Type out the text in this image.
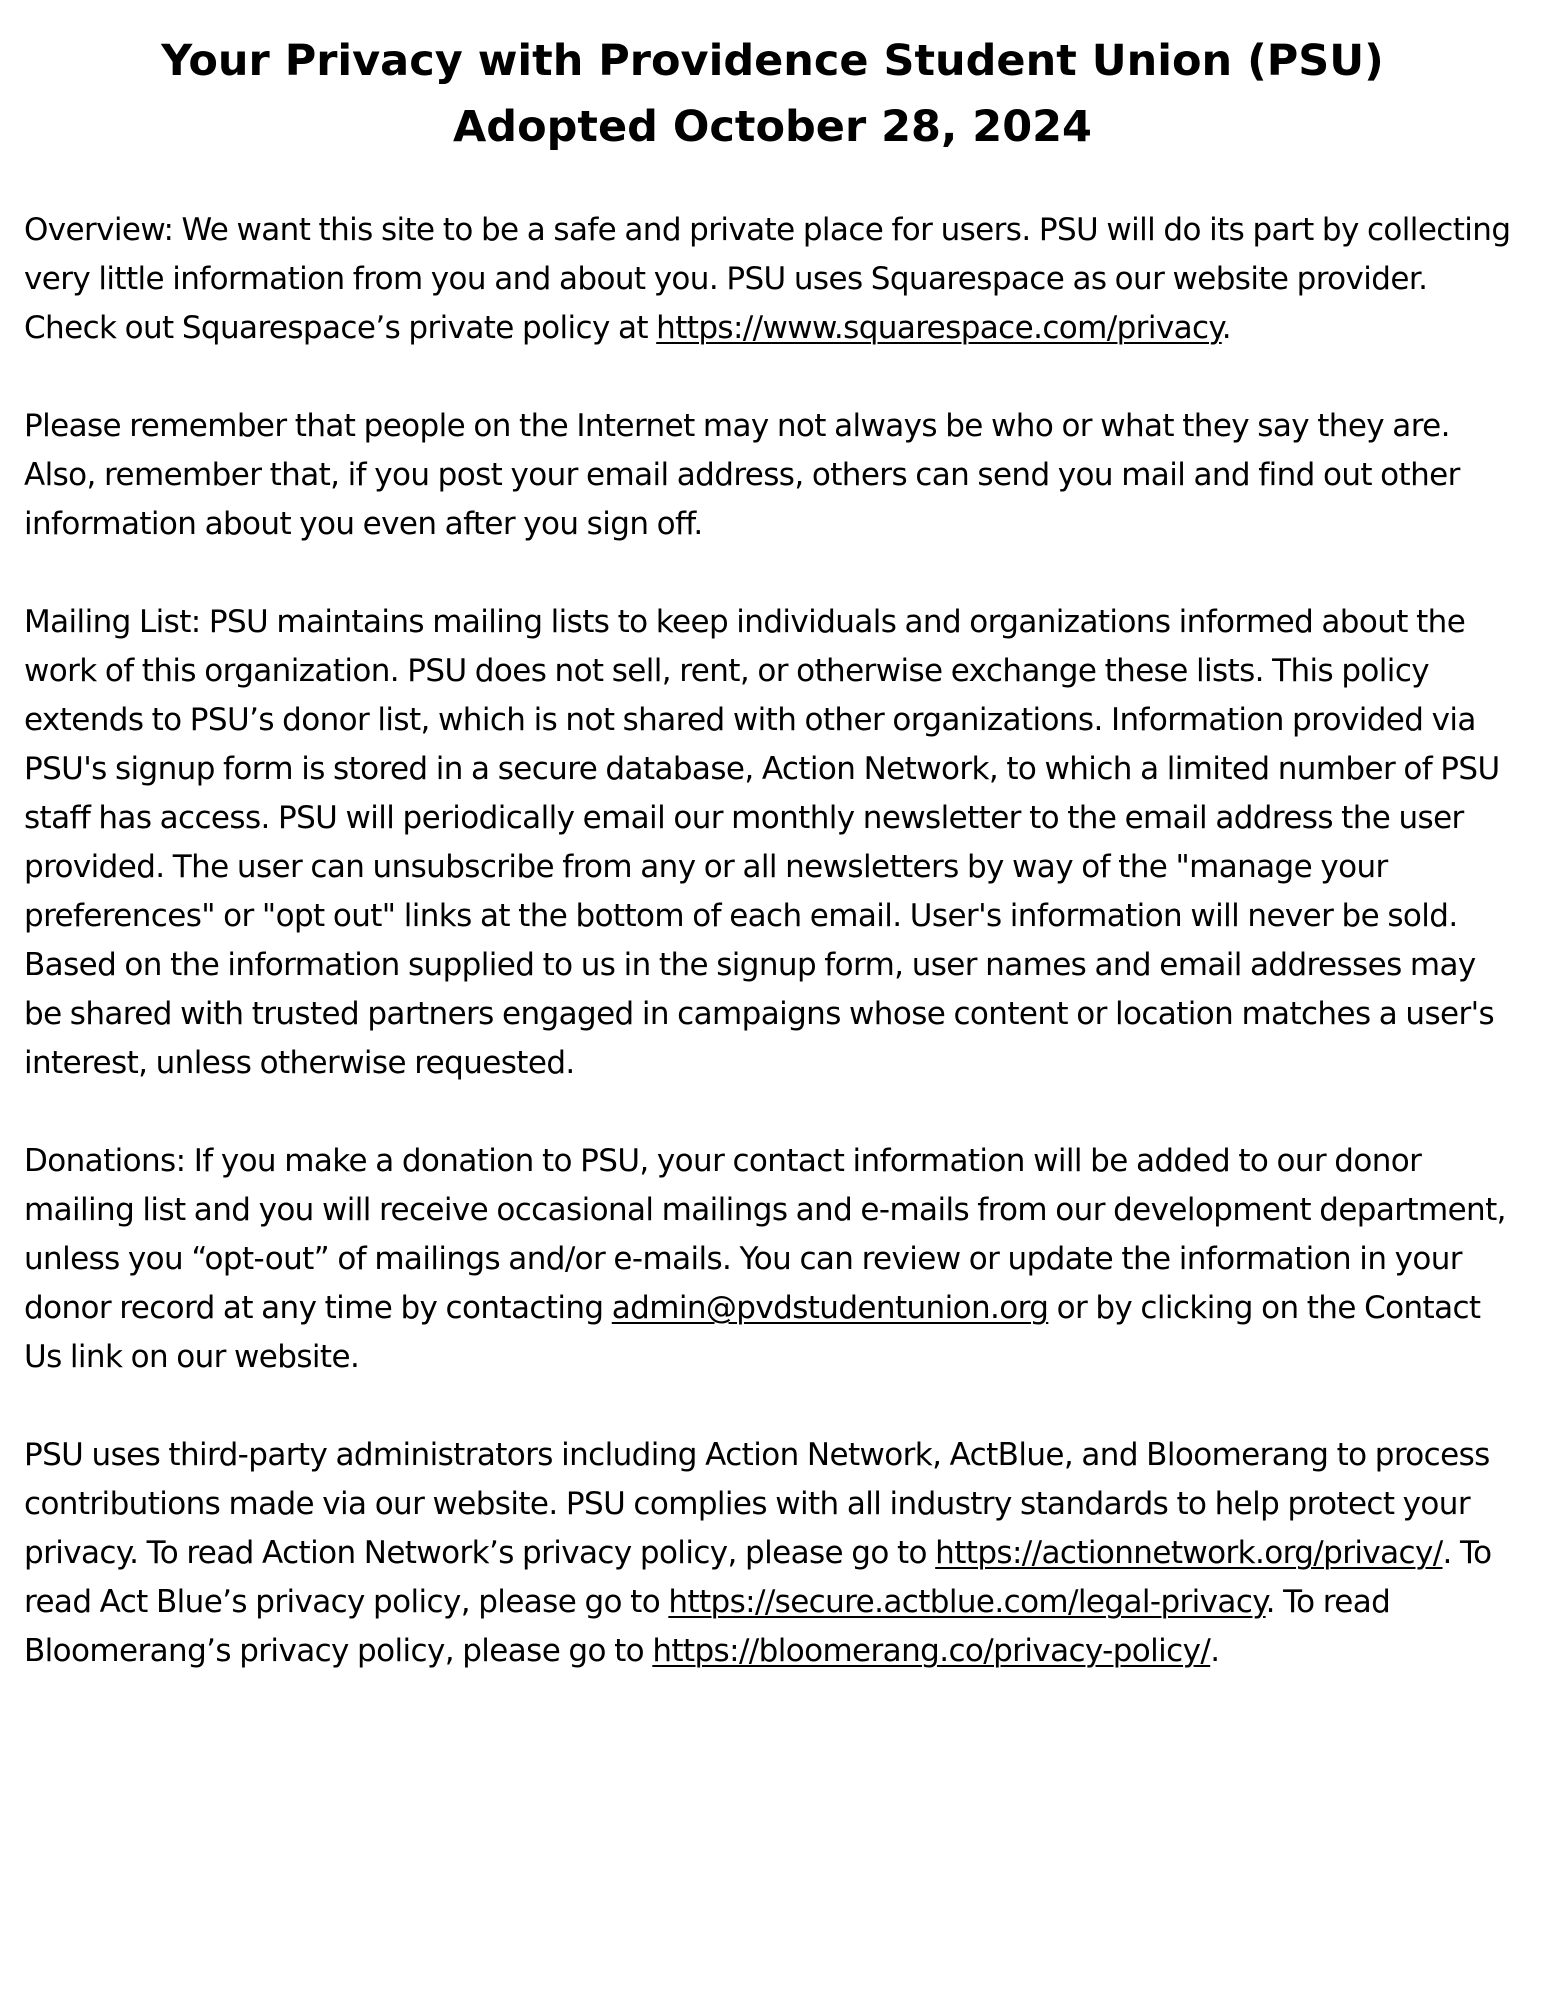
Your Privacy with Providence Student Union (PSU)
Adopted October 28, 2024

Overview: We want this site to be a safe and private place for users. PSU will do its part by collecting very little information from you and about you. PSU uses Squarespace as our website provider. Check out Squarespace’s private policy at https://www.squarespace.com/privacy.

Please remember that people on the Internet may not always be who or what they say they are. Also, remember that, if you post your email address, others can send you mail and find out other information about you even after you sign off.

Mailing List: PSU maintains mailing lists to keep individuals and organizations informed about the work of this organization. PSU does not sell, rent, or otherwise exchange these lists. This policy extends to PSU’s donor list, which is not shared with other organizations. Information provided via PSU's signup form is stored in a secure database, Action Network, to which a limited number of PSU staff has access. PSU will periodically email our monthly newsletter to the email address the user provided. The user can unsubscribe from any or all newsletters by way of the "manage your preferences" or "opt out" links at the bottom of each email. User's information will never be sold. Based on the information supplied to us in the signup form, user names and email addresses may be shared with trusted partners engaged in campaigns whose content or location matches a user's interest, unless otherwise requested.

Donations: If you make a donation to PSU, your contact information will be added to our donor mailing list and you will receive occasional mailings and e-mails from our development department, unless you “opt-out” of mailings and/or e-mails. You can review or update the information in your donor record at any time by contacting admin@pvdstudentunion.org or by clicking on the Contact Us link on our website.

PSU uses third-party administrators including Action Network, ActBlue, and Bloomerang to process contributions made via our website. PSU complies with all industry standards to help protect your privacy. To read Action Network’s privacy policy, please go to https://actionnetwork.org/privacy/. To read Act Blue’s privacy policy, please go to https://secure.actblue.com/legal-privacy. To read Bloomerang’s privacy policy, please go to https://bloomerang.co/privacy-policy/.
